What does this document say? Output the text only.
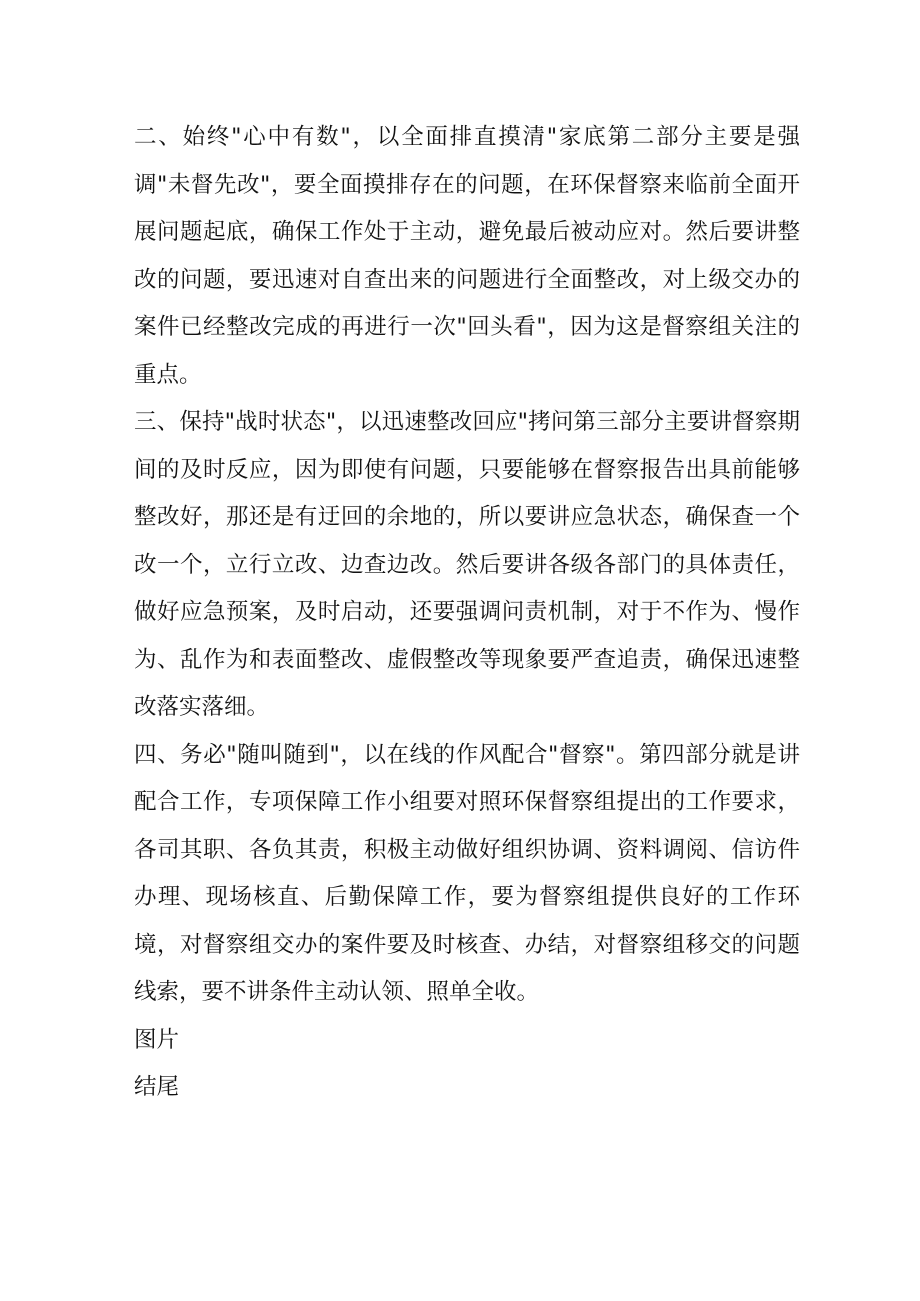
二、始终"心中有数"，以全面排直摸清"家底第二部分主要是强调"未督先改"，要全面摸排存在的问题，在环保督察来临前全面开展问题起底，确保工作处于主动，避免最后被动应对。然后要讲整改的问题，要迅速对自查出来的问题进行全面整改，对上级交办的案件已经整改完成的再进行一次"回头看"，因为这是督察组关注的重点。

三、保持"战时状态"，以迅速整改回应"拷问第三部分主要讲督察期间的及时反应，因为即使有问题，只要能够在督察报告出具前能够整改好，那还是有迂回的余地的，所以要讲应急状态，确保查一个改一个，立行立改、边查边改。然后要讲各级各部门的具体责任，做好应急预案，及时启动，还要强调问责机制，对于不作为、慢作为、乱作为和表面整改、虚假整改等现象要严查追责，确保迅速整改落实落细。

四、务必"随叫随到"，以在线的作风配合"督察"。第四部分就是讲配合工作，专项保障工作小组要对照环保督察组提出的工作要求，各司其职、各负其责，积极主动做好组织协调、资料调阅、信访件办理、现场核直、后勤保障工作，要为督察组提供良好的工作环境，对督察组交办的案件要及时核查、办结，对督察组移交的问题线索，要不讲条件主动认领、照单全收。

图片

结尾
